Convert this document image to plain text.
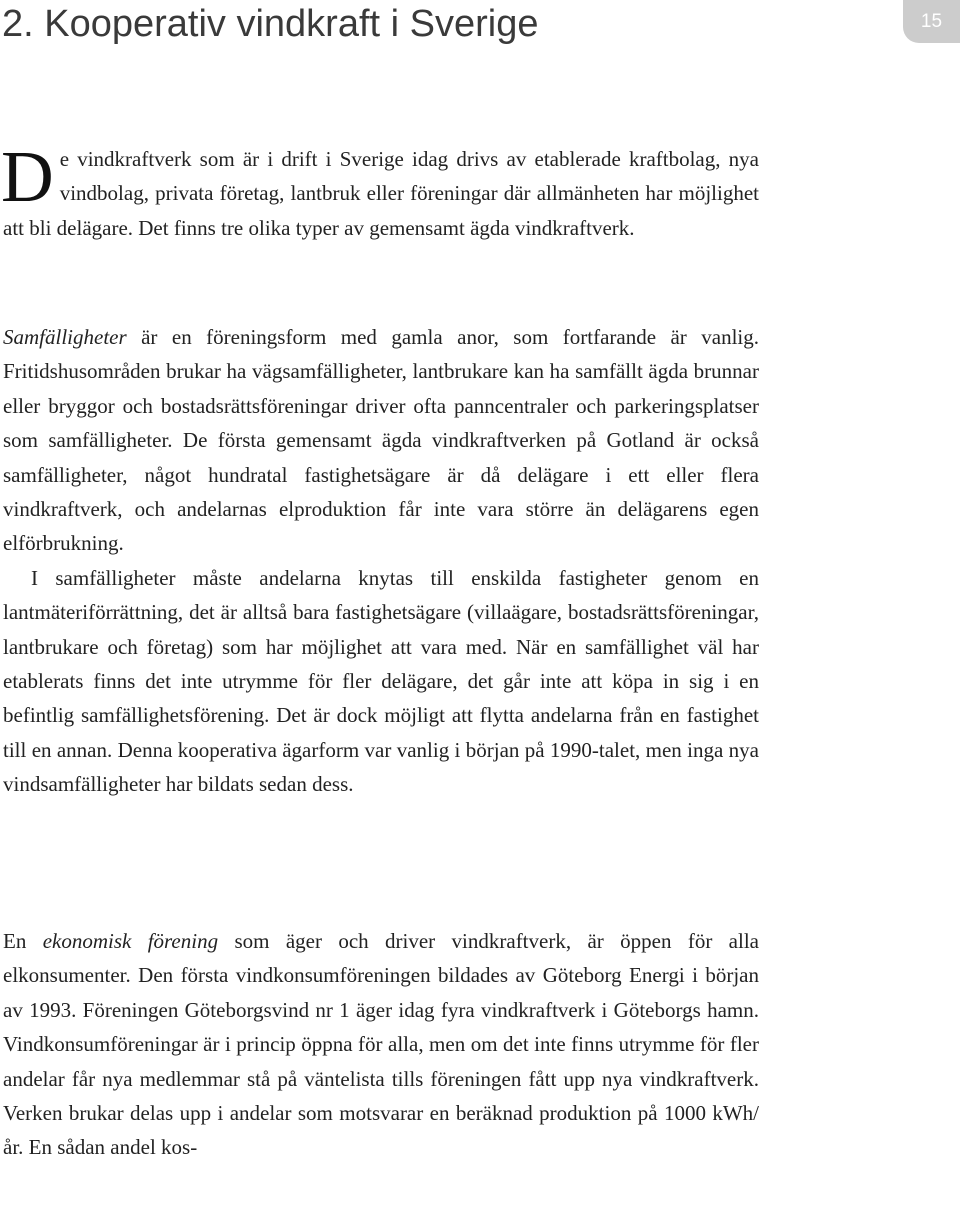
2. Kooperativ vindkraft i Sverige	15

De vindkraftverk som är i drift i Sverige idag drivs av etablerade kraftbolag, nya vindbolag, privata företag, lantbruk eller föreningar där allmänheten har möjlighet att bli delägare. Det finns tre olika typer av gemensamt ägda vindkraftverk.

Samfälligheter är en föreningsform med gamla anor, som fortfarande är vanlig. Fritidshusområden brukar ha vägsamfälligheter, lantbrukare kan ha samfällt ägda brunnar eller bryggor och bostadsrättsföreningar driver ofta panncentraler och parkeringsplatser som samfälligheter. De första gemensamt ägda vindkraftverken på Gotland är också samfälligheter, något hundratal fastighetsägare är då delägare i ett eller flera vindkraftverk, och andelarnas elproduktion får inte vara större än delägarens egen elförbrukning.

I samfälligheter måste andelarna knytas till enskilda fastigheter genom en lantmäteriförrättning, det är alltså bara fastighetsägare (villaägare, bostadsrättsföreningar, lantbrukare och företag) som har möjlighet att vara med. När en samfällighet väl har etablerats finns det inte utrymme för fler delägare, det går inte att köpa in sig i en befintlig samfällighetsförening. Det är dock möjligt att flytta andelarna från en fastighet till en annan. Denna kooperativa ägarform var vanlig i början på 1990-talet, men inga nya vindsamfälligheter har bildats sedan dess.

En ekonomisk förening som äger och driver vindkraftverk, är öppen för alla elkonsumenter. Den första vindkonsumföreningen bildades av Göteborg Energi i början av 1993. Föreningen Göteborgsvind nr 1 äger idag fyra vindkraftverk i Göteborgs hamn. Vindkonsumföreningar är i princip öppna för alla, men om det inte finns utrymme för fler andelar får nya medlemmar stå på väntelista tills föreningen fått upp nya vindkraftverk. Verken brukar delas upp i andelar som motsvarar en beräknad produktion på 1000 kWh/år. En sådan andel kos-
